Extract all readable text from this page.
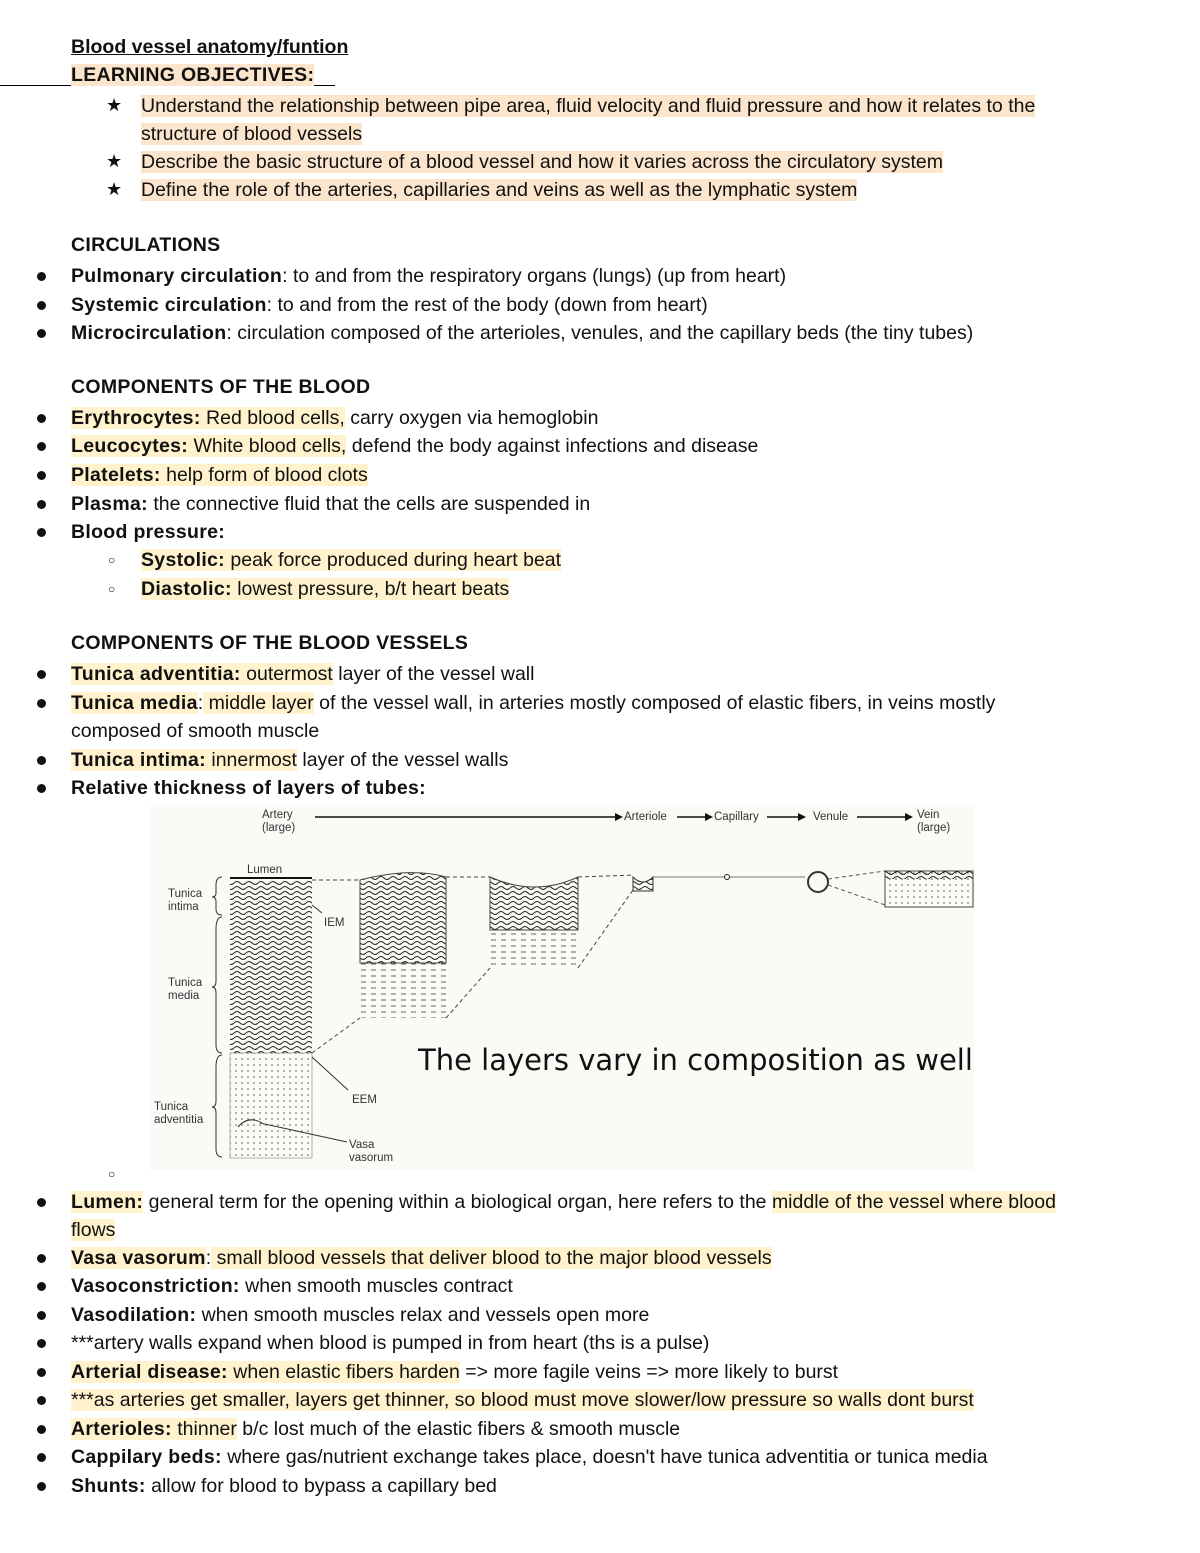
Blood vessel anatomy/funtion
LEARNING OBJECTIVES:
★ Understand the relationship between pipe area, fluid velocity and fluid pressure and how it relates to the
structure of blood vessels
★ Describe the basic structure of a blood vessel and how it varies across the circulatory system
★ Define the role of the arteries, capillaries and veins as well as the lymphatic system
CIRCULATIONS
Pulmonary circulation: to and from the respiratory organs (lungs) (up from heart)
Systemic circulation: to and from the rest of the body (down from heart)
Microcirculation: circulation composed of the arterioles, venules, and the capillary beds (the tiny tubes)
COMPONENTS OF THE BLOOD
Erythrocytes: Red blood cells, carry oxygen via hemoglobin
Leucocytes: White blood cells, defend the body against infections and disease
Platelets: help form of blood clots
Plasma: the connective fluid that the cells are suspended in
Blood pressure:
○ Systolic: peak force produced during heart beat
○ Diastolic: lowest pressure, b/t heart beats
COMPONENTS OF THE BLOOD VESSELS
Tunica adventitia: outermost layer of the vessel wall
Tunica media: middle layer of the vessel wall, in arteries mostly composed of elastic fibers, in veins mostly
composed of smooth muscle
Tunica intima: innermost layer of the vessel walls
Relative thickness of layers of tubes:
Artery
(large)
Arteriole	Capillary	Venule	Vein
(large)
Lumen
Tunica
intima
Tunica
media
Tunica
adventitia
IEM
EEM
Vasa
vasorum
The layers vary in composition as well
○
Lumen: general term for the opening within a biological organ, here refers to the middle of the vessel where blood
flows
Vasa vasorum: small blood vessels that deliver blood to the major blood vessels
Vasoconstriction: when smooth muscles contract
Vasodilation: when smooth muscles relax and vessels open more
***artery walls expand when blood is pumped in from heart (ths is a pulse)
Arterial disease: when elastic fibers harden => more fagile veins => more likely to burst
***as arteries get smaller, layers get thinner, so blood must move slower/low pressure so walls dont burst
Arterioles: thinner b/c lost much of the elastic fibers & smooth muscle
Cappilary beds: where gas/nutrient exchange takes place, doesn't have tunica adventitia or tunica media
Shunts: allow for blood to bypass a capillary bed
